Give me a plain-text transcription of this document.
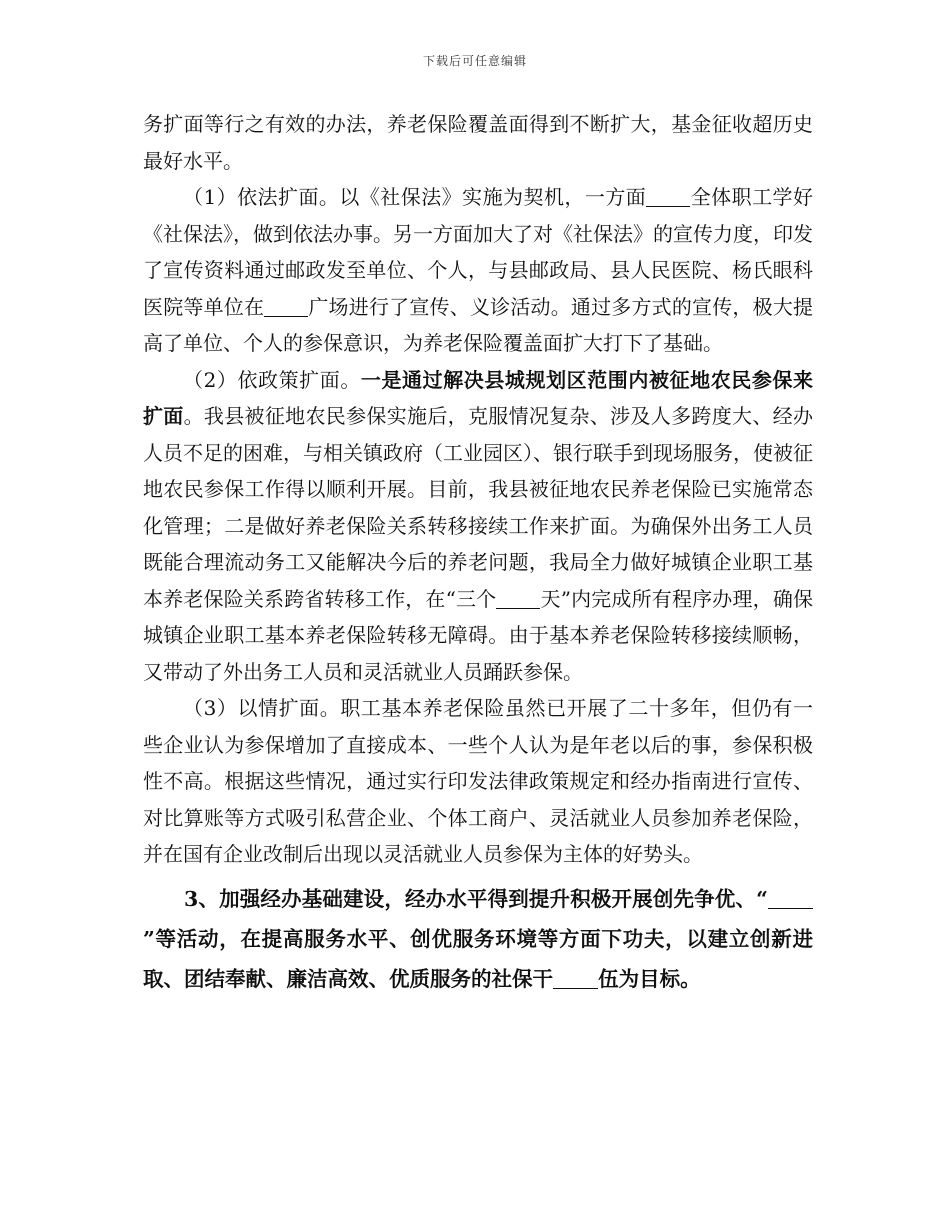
下载后可任意编辑

务扩面等行之有效的办法，养老保险覆盖面得到不断扩大，基金征收超历史最好水平。

（1）依法扩面。以《社保法》实施为契机，一方面 全体职工学好《社保法》，做到依法办事。另一方面加大了对《社保法》的宣传力度，印发了宣传资料通过邮政发至单位、个人，与县邮政局、县人民医院、杨氏眼科医院等单位在 广场进行了宣传、义诊活动。通过多方式的宣传，极大提高了单位、个人的参保意识，为养老保险覆盖面扩大打下了基础。

（2）依政策扩面。一是通过解决县城规划区范围内被征地农民参保来扩面。我县被征地农民参保实施后，克服情况复杂、涉及人多跨度大、经办人员不足的困难，与相关镇政府（工业园区）、银行联手到现场服务，使被征地农民参保工作得以顺利开展。目前，我县被征地农民养老保险已实施常态化管理；二是做好养老保险关系转移接续工作来扩面。为确保外出务工人员既能合理流动务工又能解决今后的养老问题，我局全力做好城镇企业职工基本养老保险关系跨省转移工作，在“三个 天”内完成所有程序办理，确保城镇企业职工基本养老保险转移无障碍。由于基本养老保险转移接续顺畅，又带动了外出务工人员和灵活就业人员踊跃参保。

（3）以情扩面。职工基本养老保险虽然已开展了二十多年，但仍有一些企业认为参保增加了直接成本、一些个人认为是年老以后的事，参保积极性不高。根据这些情况，通过实行印发法律政策规定和经办指南进行宣传、对比算账等方式吸引私营企业、个体工商户、灵活就业人员参加养老保险，并在国有企业改制后出现以灵活就业人员参保为主体的好势头。

3、加强经办基础建设，经办水平得到提升积极开展创先争优、“”等活动，在提高服务水平、创优服务环境等方面下功夫，以建立创新进取、团结奉献、廉洁高效、优质服务的社保干 伍为目标。
